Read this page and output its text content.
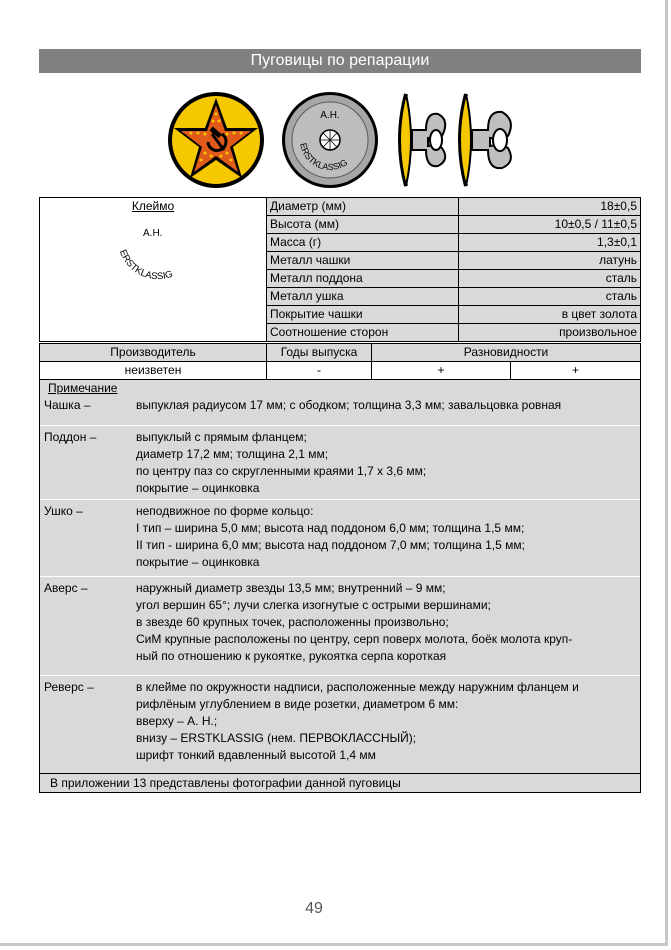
Пуговицы по репарации
А.Н.
ERSTKLASSIG
Клеймо
А.Н.
ERSTKLASSIG	Диаметр (мм)	18±0,5
	Высота (мм)	10±0,5 / 11±0,5
	Масса (г)	1,3±0,1
	Металл чашки	латунь
	Металл поддона	сталь
	Металл ушка	сталь
	Покрытие чашки	в цвет золота
	Соотношение сторон	произвольное
Производитель	Годы выпуска	Разновидности	
неизветен	-	+	+
Примечание
Чашка –	выпуклая радиусом 17 мм; с ободком; толщина 3,3 мм; завальцовка ровная
Поддон –	выпуклый с прямым фланцем;
диаметр 17,2 мм; толщина 2,1 мм;
по центру паз со скругленными краями 1,7 х 3,6 мм;
покрытие – оцинковка
Ушко –	неподвижное по форме кольцо:
I тип – ширина 5,0 мм; высота над поддоном 6,0 мм; толщина 1,5 мм;
II тип - ширина 6,0 мм; высота над поддоном 7,0 мм; толщина 1,5 мм;
покрытие – оцинковка
Аверс –	наружный диаметр звезды 13,5 мм; внутренний – 9 мм;
угол вершин 65°; лучи слегка изогнутые с острыми вершинами;
в звезде 60 крупных точек, расположенны произвольно;
СиМ крупные расположены по центру, серп поверх молота, боёк молота круп-
ный по отношению к рукоятке, рукоятка серпа короткая
Реверс –	в клейме по окружности надписи, расположенные между наружним фланцем и
рифлёным углублением в виде розетки, диаметром 6 мм:
вверху – А. Н.;
внизу – ERSTKLASSIG (нем. ПЕРВОКЛАССНЫЙ);
шрифт тонкий вдавленный высотой 1,4 мм
В приложении 13 представлены фотографии данной пуговицы
49
